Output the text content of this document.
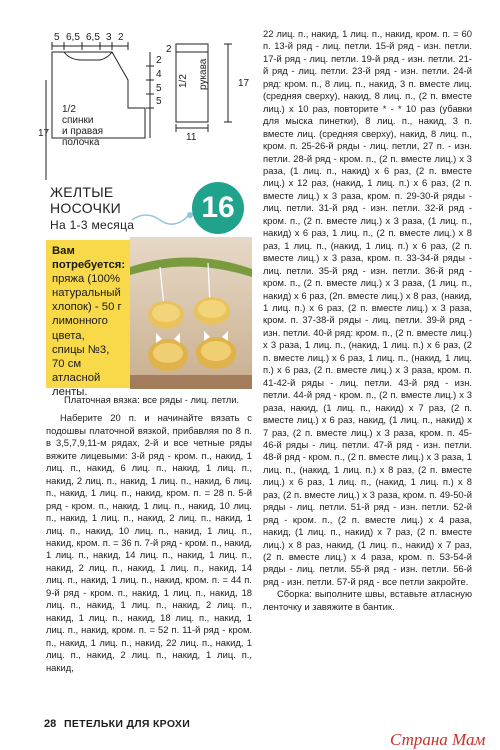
5 6,5 6,5 3 2
2
4
5
5
1/2
спинки
и правая
полочка
17
2
1/2 рукава	17
11
ЖЕЛТЫЕ
НОСОЧКИ
На 1-3 месяца
16
Вам
потребуется:
пряжа (100%
натуральный
хлопок) - 50 г
лимонного
цвета,
спицы №3,
70 см
атласной
ленты.

Платочная вязка: все ряды - лиц. петли.

Наберите 20 п. и начинайте вязать с подошвы платочной вязкой, прибавляя по 8 п. в 3,5,7,9,11-м рядах, 2-й и все четные ряды вяжите лицевыми: 3-й ряд - кром. п., накид, 1 лиц. п., накид, 6 лиц. п., накид, 1 лиц. п., накид, 2 лиц. п., накид, 1 лиц. п., накид, 6 лиц. п., накид, 1 лиц. п., накид, кром. п. = 28 п. 5-й ряд - кром. п., накид, 1 лиц. п., накид, 10 лиц. п., накид, 1 лиц. п., накид, 2 лиц. п., накид, 1 лиц. п., накид, 10 лиц. п., накид, 1 лиц. п., накид, кром. п. = 36 п. 7-й ряд - кром. п., накид, 1 лиц. п., накид, 14 лиц. п., накид, 1 лиц. п., накид, 2 лиц. п., накид, 1 лиц. п., накид, 14 лиц. п., накид, 1 лиц. п., накид, кром. п. = 44 п. 9-й ряд - кром. п., накид, 1 лиц. п., накид, 18 лиц. п., накид, 1 лиц. п., накид, 2 лиц. п., накид, 1 лиц. п., накид, 18 лиц. п., накид, 1 лиц. п., накид, кром. п. = 52 п. 11-й ряд - кром. п., накид, 1 лиц. п., накид, 22 лиц. п., накид, 1 лиц. п., накид, 2 лиц. п., накид, 1 лиц. п., накид,

22 лиц. п., накид, 1 лиц. п., накид, кром. п. = 60 п. 13-й ряд - лиц. петли. 15-й ряд - изн. петли. 17-й ряд - лиц. петли. 19-й ряд - изн. петли. 21-й ряд - лиц. петли. 23-й ряд - изн. петли. 24-й ряд: кром. п., 8 лиц. п., накид, 3 п. вместе лиц. (средняя сверху), накид, 8 лиц. п., (2 п. вместе лиц.) х 10 раз, повторите * - * 10 раз (убавки для мыска пинетки), 8 лиц. п., накид, 3 п. вместе лиц. (средняя сверху), накид, 8 лиц. п., кром. п. 25-26-й ряды - лиц. петли, 27 п. - изн. петли. 28-й ряд - кром. п., (2 п. вместе лиц.) х 3 раза, (1 лиц. п., накид) х 6 раз, (2 п. вместе лиц.) х 12 раз, (накид, 1 лиц. п.) х 6 раз, (2 п. вместе лиц.) х 3 раза, кром. п. 29-30-й ряды - лиц. петли. 31-й ряд - изн. петли. 32-й ряд - кром. п., (2 п. вместе лиц.) х 3 раза, (1 лиц. п., накид) х 6 раз, 1 лиц. п., (2 п. вместе лиц.) х 8 раз, 1 лиц. п., (накид, 1 лиц. п.) х 6 раз, (2 п. вместе лиц.) х 3 раза, кром. п. 33-34-й ряды - лиц. петли. 35-й ряд - изн. петли. 36-й ряд - кром. п., (2 п. вместе лиц.) х 3 раза, (1 лиц. п., накид) х 6 раз, (2п. вместе лиц.) х 8 раз, (накид, 1 лиц. п.) х 6 раз, (2 п. вместе лиц.) х 3 раза, кром. п. 37-38-й ряды - лиц. петли. 39-й ряд - изн. петли. 40-й ряд: кром. п., (2 п. вместе лиц.) х 3 раза, 1 лиц. п., (накид, 1 лиц. п.) х 6 раз, (2 п. вместе лиц.) х 6 раз, 1 лиц. п., (накид, 1 лиц. п.) х 6 раз, (2 п. вместе лиц.) х 3 раза, кром. п. 41-42-й ряды - лиц. петли. 43-й ряд - изн. петли. 44-й ряд - кром. п., (2 п. вместе лиц.) х 3 раза, накид, (1 лиц. п., накид) х 7 раз, (2 п. вместе лиц.) х 6 раз, накид, (1 лиц. п., накид) х 7 раз, (2 п. вместе лиц.) х 3 раза, кром. п. 45-46-й ряды - лиц. петли. 47-й ряд - изн. петли. 48-й ряд - кром. п., (2 п. вместе лиц.) х 3 раза, 1 лиц. п., (накид, 1 лиц. п.) х 8 раз, (2 п. вместе лиц.) х 6 раз, 1 лиц. п., (накид, 1 лиц. п.) х 8 раз, (2 п. вместе лиц.) х 3 раза, кром. п. 49-50-й ряды - лиц. петли. 51-й ряд - изн. петли. 52-й ряд - кром. п., (2 п. вместе лиц.) х 4 раза, накид, (1 лиц. п., накид) х 7 раз, (2 п. вместе лиц.) х 8 раз, накид, (1 лиц. п., накид) х 7 раз, (2 п. вместе лиц.) х 4 раза, кром. п. 53-54-й ряды - лиц. петли. 55-й ряд - изн. петли. 56-й ряд - изн. петли. 57-й ряд - все петли закройте.

Сборка: выполните швы, вставьте атласную ленточку и завяжите в бантик.

28 ПЕТЕЛЬКИ ДЛЯ КРОХИ
Страна Мам
